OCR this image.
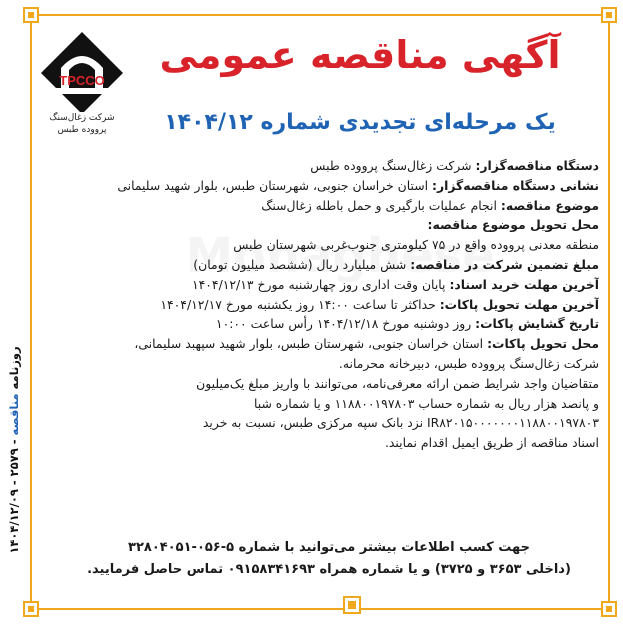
TPCCO
شرکت زغال‌سنگ
پرووده طبس
آگهی مناقصه عمومی
یک مرحله‌ای تجدیدی شماره ۱۴۰۴/۱۲
دستگاه مناقصه‌گزار: شرکت زغال‌سنگ پرووده طبس
نشانی دستگاه مناقصه‌گزار: استان خراسان جنوبی، شهرستان طبس، بلوار شهید سلیمانی
موضوع مناقصه: انجام عملیات بارگیری و حمل باطله زغال‌سنگ
محل تحویل موضوع مناقصه:
منطقه معدنی پرووده واقع در ۷۵ کیلومتری جنوب‌غربی شهرستان طبس
مبلغ تضمین شرکت در مناقصه: شش میلیارد ریال (ششصد میلیون تومان)
آخرین مهلت خرید اسناد: پایان وقت اداری روز چهارشنبه مورخ ۱۴۰۴/۱۲/۱۳
آخرین مهلت تحویل پاکات: حداکثر تا ساعت ۱۴:۰۰ روز یکشنبه مورخ ۱۴۰۴/۱۲/۱۷
تاریخ گشایش پاکات: روز دوشنبه مورخ ۱۴۰۴/۱۲/۱۸ رأس ساعت ۱۰:۰۰
محل تحویل پاکات: استان خراسان جنوبی، شهرستان طبس، بلوار شهید سپهبد سلیمانی،
شرکت زغال‌سنگ پرووده طبس، دبیرخانه محرمانه.
متقاضیان واجد شرایط ضمن ارائه معرفی‌نامه، می‌توانند با واریز مبلغ یک‌میلیون
و پانصد هزار ریال به شماره حساب ۱۱۸۸۰۰۱۹۷۸۰۳ و یا شماره شبا
IR۸۲۰۱۵۰۰۰۰۰۰۰۱۱۸۸۰۰۱۹۷۸۰۳ نزد بانک سپه مرکزی طبس، نسبت به خرید
اسناد مناقصه از طریق ایمیل اقدام نمایند.
جهت کسب اطلاعات بیشتر می‌توانید با شماره ۵-۰۵۶-۳۲۸۰۴۰۵۱
(داخلی ۳۶۵۳ و ۳۷۲۵) و یا شماره همراه ۰۹۱۵۸۳۴۱۶۹۳ تماس حاصل فرمایید.
روزنامه مناقصه - ۲۵۷۹ - ۱۴۰۴/۱۲/۰۹
